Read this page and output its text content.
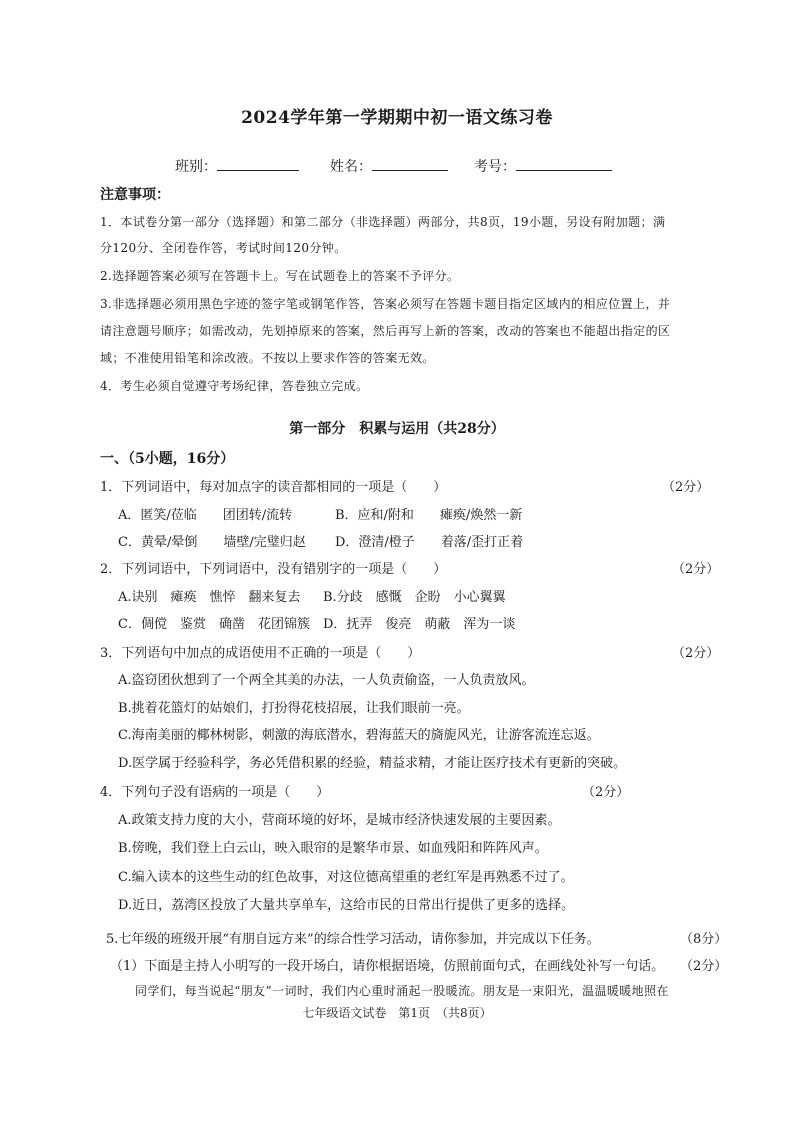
2024学年第一学期期中初一语文练习卷
班别：	姓名：	考号：
注意事项：
1．本试卷分第一部分（选择题）和第二部分（非选择题）两部分，共8页，19小题，另设有附加题；满
分120分、全闭卷作答，考试时间120分钟。
2.选择题答案必须写在答题卡上。写在试题卷上的答案不予评分。
3.非选择题必须用黑色字迹的签字笔或钢笔作答，答案必须写在答题卡题目指定区域内的相应位置上，并
请注意题号顺序；如需改动，先划掉原来的答案，然后再写上新的答案，改动的答案也不能超出指定的区
域；不准使用铅笔和涂改液。不按以上要求作答的答案无效。
4．考生必须自觉遵守考场纪律，答卷独立完成。
第一部分　积累与运用（共28分）
一、（5小题，16分）
1．下列词语中，每对加点字的读音都相同的一项是（　　）	（2分）
A．匿笑/莅临　　团团转/流转	B．应和/附和　　瘫痪/焕然一新
C．黄晕/晕倒　　墙壁/完璧归赵 D．澄清/橙子　　着落/歪打正着
2．下列词语中，下列词语中，没有错别字的一项是（　　）	（2分）
A.诀别　瘫痪　憔悴　翻来复去 B.分歧　感慨　企盼　小心翼翼
C．倜傥　鉴赏　确凿　花团锦簇 D．抚弄　俊亮　萌蔽　浑为一谈
3．下列语句中加点的成语使用不正确的一项是（　　）	（2分）
A.盗窃团伙想到了一个两全其美的办法，一人负责偷盗，一人负责放风。
B.挑着花篮灯的姑娘们，打扮得花枝招展，让我们眼前一亮。
C.海南美丽的椰林树影，刺激的海底潜水，碧海蓝天的旖旎风光，让游客流连忘返。
D.医学属于经验科学，务必凭借积累的经验，精益求精，才能让医疗技术有更新的突破。
4．下列句子没有语病的一项是（　　）	（2分）
A.政策支持力度的大小，营商环境的好坏，是城市经济快速发展的主要因素。
B.傍晚，我们登上白云山，映入眼帘的是繁华市景、如血残阳和阵阵风声。
C.编入读本的这些生动的红色故事，对这位德高望重的老红军是再熟悉不过了。
D.近日，荔湾区投放了大量共享单车，这给市民的日常出行提供了更多的选择。
5.七年级的班级开展“有朋自远方来”的综合性学习活动，请你参加，并完成以下任务。	（8分）
（1）下面是主持人小明写的一段开场白，请你根据语境，仿照前面句式，在画线处补写一句话。 （2分）
同学们，每当说起“朋友”一词时，我们内心重时涌起一股暖流。朋友是一束阳光，温温暖暖地照在
七年级语文试卷　第1页　（共8页）
